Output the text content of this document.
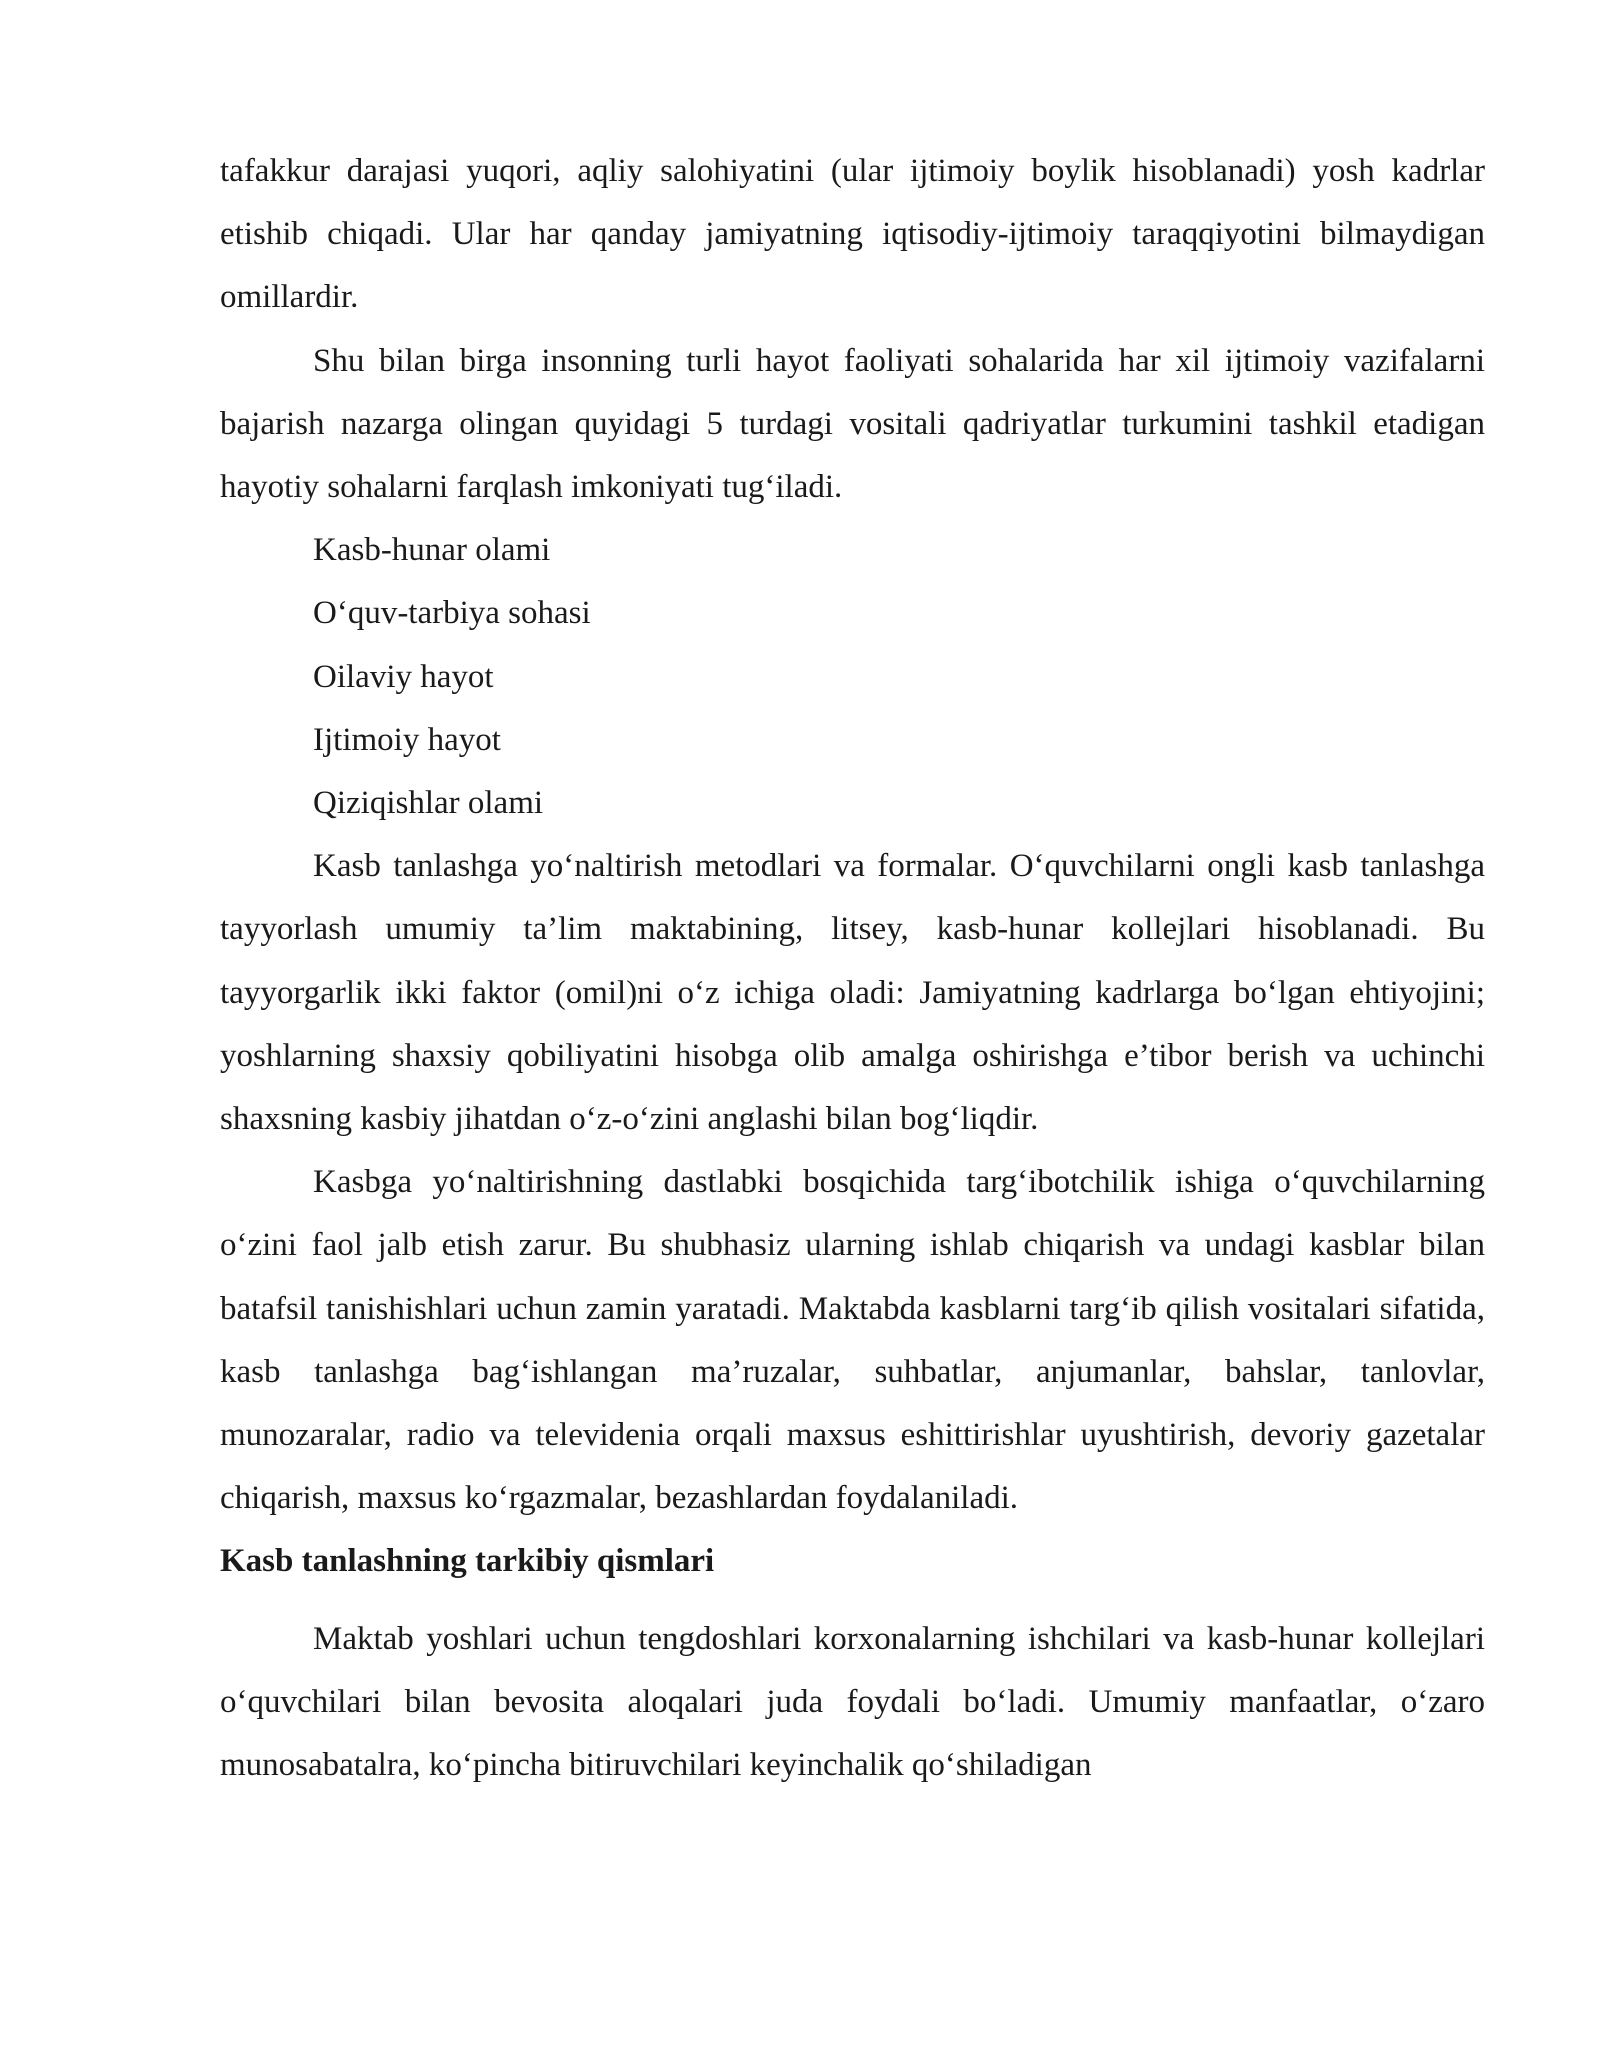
tafakkur darajasi yuqori, aqliy salohiyatini (ular ijtimoiy boylik hisoblanadi) yosh kadrlar etishib chiqadi. Ular har qanday jamiyatning iqtisodiy-ijtimoiy taraqqiyotini bilmaydigan omillardir.

Shu bilan birga insonning turli hayot faoliyati sohalarida har xil ijtimoiy vazifalarni bajarish nazarga olingan quyidagi 5 turdagi vositali qadriyatlar turkumini tashkil etadigan hayotiy sohalarni farqlash imkoniyati tug‘iladi.

Kasb-hunar olami

O‘quv-tarbiya sohasi

Oilaviy hayot

Ijtimoiy hayot

Qiziqishlar olami

Kasb tanlashga yo‘naltirish metodlari va formalar. O‘quvchilarni ongli kasb tanlashga tayyorlash umumiy ta’lim maktabining, litsey, kasb-hunar kollejlari hisoblanadi. Bu tayyorgarlik ikki faktor (omil)ni o‘z ichiga oladi: Jamiyatning kadrlarga bo‘lgan ehtiyojini; yoshlarning shaxsiy qobiliyatini hisobga olib amalga oshirishga e’tibor berish va uchinchi shaxsning kasbiy jihatdan o‘z-o‘zini anglashi bilan bog‘liqdir.

Kasbga yo‘naltirishning dastlabki bosqichida targ‘ibotchilik ishiga o‘quvchilarning o‘zini faol jalb etish zarur. Bu shubhasiz ularning ishlab chiqarish va undagi kasblar bilan batafsil tanishishlari uchun zamin yaratadi. Maktabda kasblarni targ‘ib qilish vositalari sifatida, kasb tanlashga bag‘ishlangan ma’ruzalar, suhbatlar, anjumanlar, bahslar, tanlovlar, munozaralar, radio va televidenia orqali maxsus eshittirishlar uyushtirish, devoriy gazetalar chiqarish, maxsus ko‘rgazmalar, bezashlardan foydalaniladi.

Kasb tanlashning tarkibiy qismlari

Maktab yoshlari uchun tengdoshlari korxonalarning ishchilari va kasb-hunar kollejlari o‘quvchilari bilan bevosita aloqalari juda foydali bo‘ladi. Umumiy manfaatlar, o‘zaro munosabatalra, ko‘pincha bitiruvchilari keyinchalik qo‘shiladigan
